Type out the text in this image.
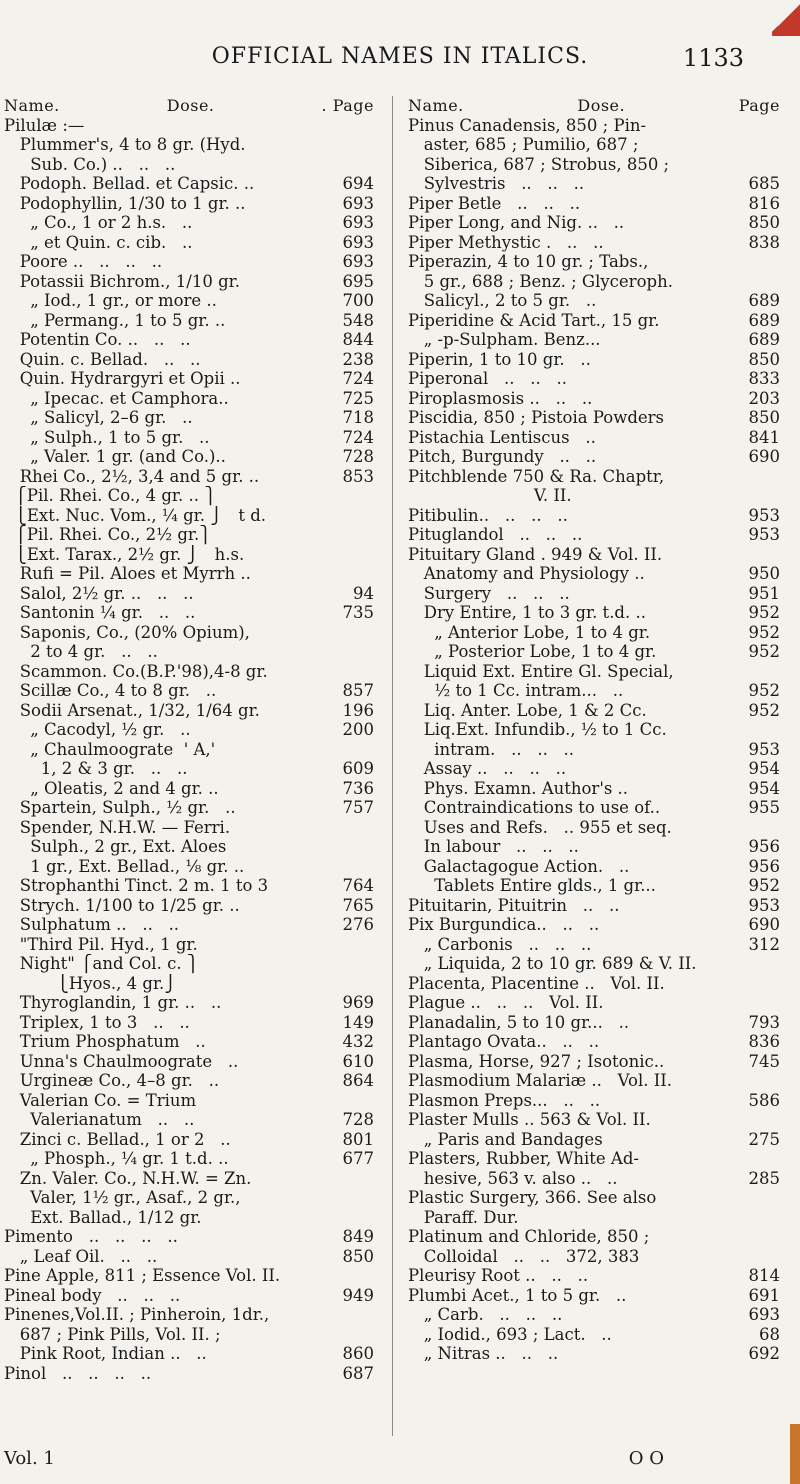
OFFICIAL NAMES IN ITALICS.	1133
Name.	Dose.	. Page
Pilulæ :—
Plummer's, 4 to 8 gr. (Hyd.
Sub. Co.) ..   ..   ..
Podoph. Bellad. et Capsic. ..	694
Podophyllin, 1/30 to 1 gr. ..	693
„ Co., 1 or 2 h.s.   ..	693
„ et Quin. c. cib.   ..	693
Poore ..   ..   ..   ..	693
Potassii Bichrom., 1/10 gr.	695
„ Iod., 1 gr., or more ..	700
„ Permang., 1 to 5 gr. ..	548
Potentin Co. ..   ..   ..	844
Quin. c. Bellad.   ..   ..	238
Quin. Hydrargyri et Opii ..	724
„ Ipecac. et Camphora..	725
„ Salicyl, 2–6 gr.   ..	718
„ Sulph., 1 to 5 gr.   ..	724
„ Valer. 1 gr. (and Co.)..	728
Rhei Co., 2½, 3,4 and 5 gr. ..	853
⎧Pil. Rhei. Co., 4 gr. .. ⎫
⎩Ext. Nuc. Vom., ¼ gr. ⎭   t d.
⎧Pil. Rhei. Co., 2½ gr.⎫
⎩Ext. Tarax., 2½ gr. ⎭   h.s.
Rufi = Pil. Aloes et Myrrh ..
Salol, 2½ gr. ..   ..   ..	94
Santonin ¼ gr.   ..   ..	735
Saponis, Co., (20% Opium),
2 to 4 gr.   ..   ..
Scammon. Co.(B.P.'98),4-8 gr.
Scillæ Co., 4 to 8 gr.   ..	857
Sodii Arsenat., 1/32, 1/64 gr.	196
„ Cacodyl, ½ gr.   ..	200
„ Chaulmoograte  ' A,'
1, 2 & 3 gr.   ..   ..	609
„ Oleatis, 2 and 4 gr. ..	736
Spartein, Sulph., ½ gr.   ..	757
Spender, N.H.W. — Ferri.
Sulph., 2 gr., Ext. Aloes
1 gr., Ext. Bellad., ⅛ gr. ..
Strophanthi Tinct. 2 m. 1 to 3	764
Strych. 1/100 to 1/25 gr. ..	765
Sulphatum ..   ..   ..	276
"Third Pil. Hyd., 1 gr.
Night" ⎧and Col. c. ⎫
⎩Hyos., 4 gr.⎭
Thyroglandin, 1 gr. ..   ..	969
Triplex, 1 to 3   ..   ..	149
Trium Phosphatum   ..	432
Unna's Chaulmoograte   ..	610
Urgineæ Co., 4–8 gr.   ..	864
Valerian Co. = Trium
Valerianatum   ..   ..	728
Zinci c. Bellad., 1 or 2   ..	801
„ Phosph., ¼ gr. 1 t.d. ..	677
Zn. Valer. Co., N.H.W. = Zn.
Valer, 1½ gr., Asaf., 2 gr.,
Ext. Ballad., 1/12 gr.
Pimento   ..   ..   ..   ..	849
„ Leaf Oil.   ..   ..	850
Pine Apple, 811 ; Essence Vol. II.
Pineal body   ..   ..   ..	949
Pinenes,Vol.II. ; Pinheroin, 1dr.,
687 ; Pink Pills, Vol. II. ;
Pink Root, Indian ..   ..	860
Pinol   ..   ..   ..   ..	687
Name.	Dose.	Page
Pinus Canadensis, 850 ; Pin-
aster, 685 ; Pumilio, 687 ;
Siberica, 687 ; Strobus, 850 ;
Sylvestris   ..   ..   ..	685
Piper Betle   ..   ..   ..	816
Piper Long, and Nig. ..   ..	850
Piper Methystic .   ..   ..	838
Piperazin, 4 to 10 gr. ; Tabs.,
5 gr., 688 ; Benz. ; Glyceroph.
Salicyl., 2 to 5 gr.   ..	689
Piperidine & Acid Tart., 15 gr.	689
„ -p-Sulpham. Benz...	689
Piperin, 1 to 10 gr.   ..	850
Piperonal   ..   ..   ..	833
Piroplasmosis ..   ..   ..	203
Piscidia, 850 ; Pistoia Powders	850
Pistachia Lentiscus   ..	841
Pitch, Burgundy   ..   ..	690
Pitchblende 750 & Ra. Chaptr,
V. II.
Pitibulin..   ..   ..   ..	953
Pituglandol   ..   ..   ..	953
Pituitary Gland . 949 & Vol. II.
Anatomy and Physiology ..	950
Surgery   ..   ..   ..	951
Dry Entire, 1 to 3 gr. t.d. ..	952
„ Anterior Lobe, 1 to 4 gr.	952
„ Posterior Lobe, 1 to 4 gr.	952
Liquid Ext. Entire Gl. Special,
½ to 1 Cc. intram...   ..	952
Liq. Anter. Lobe, 1 & 2 Cc.	952
Liq.Ext. Infundib., ½ to 1 Cc.
intram.   ..   ..   ..	953
Assay ..   ..   ..   ..	954
Phys. Examn. Author's ..	954
Contraindications to use of..	955
Uses and Refs.   .. 955 et seq.
In labour   ..   ..   ..	956
Galactagogue Action.   ..	956
Tablets Entire glds., 1 gr...	952
Pituitarin, Pituitrin   ..   ..	953
Pix Burgundica..   ..   ..	690
„ Carbonis   ..   ..   ..	312
„ Liquida, 2 to 10 gr. 689 & V. II.
Placenta, Placentine ..   Vol. II.
Plague ..   ..   ..   Vol. II.
Planadalin, 5 to 10 gr...   ..	793
Plantago Ovata..   ..   ..	836
Plasma, Horse, 927 ; Isotonic..	745
Plasmodium Malariæ ..   Vol. II.
Plasmon Preps...   ..   ..	586
Plaster Mulls .. 563 & Vol. II.
„ Paris and Bandages	275
Plasters, Rubber, White Ad-
hesive, 563 v. also ..   ..	285
Plastic Surgery, 366. See also
Paraff. Dur.
Platinum and Chloride, 850 ;
Colloidal   ..   ..   372, 383
Pleurisy Root ..   ..   ..	814
Plumbi Acet., 1 to 5 gr.   ..	691
„ Carb.   ..   ..   ..	693
„ Iodid., 693 ; Lact.   ..	68
„ Nitras ..   ..   ..	692
Vol. 1	O O
